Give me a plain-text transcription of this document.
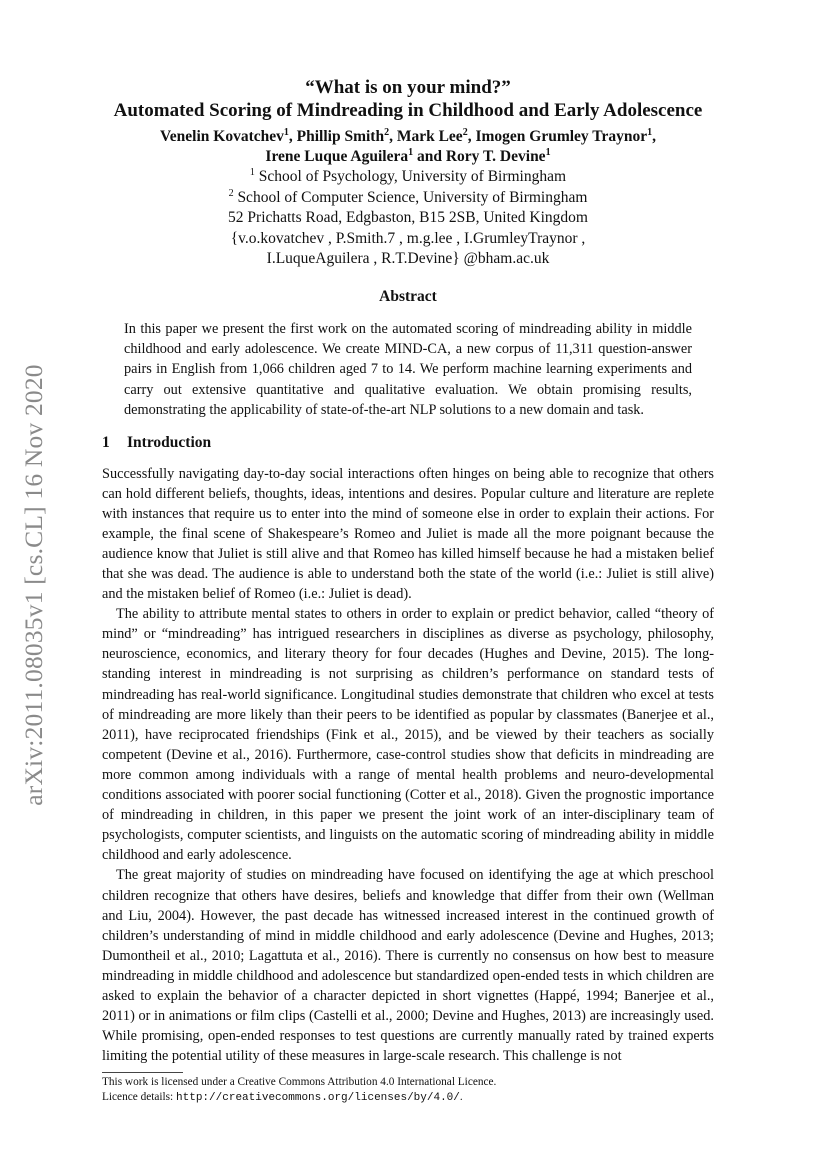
arXiv:2011.08035v1 [cs.CL] 16 Nov 2020
“What is on your mind?”
Automated Scoring of Mindreading in Childhood and Early Adolescence
Venelin Kovatchev$^1$, Phillip Smith$^2$, Mark Lee$^2$, Imogen Grumley Traynor$^1$,
Irene Luque Aguilera$^1$ and Rory T. Devine$^1$

$^1$ School of Psychology, University of Birmingham

$^2$ School of Computer Science, University of Birmingham

52 Prichatts Road, Edgbaston, B15 2SB, United Kingdom

{v.o.kovatchev , P.Smith.7 , m.g.lee , I.GrumleyTraynor ,

I.LuqueAguilera , R.T.Devine} @bham.ac.uk

Abstract

In this paper we present the first work on the automated scoring of mindreading ability in middle childhood and early adolescence. We create MIND-CA, a new corpus of 11,311 question-answer pairs in English from 1,066 children aged 7 to 14. We perform machine learning experiments and carry out extensive quantitative and qualitative evaluation. We obtain promising results, demonstrating the applicability of state-of-the-art NLP solutions to a new domain and task.

1 Introduction

Successfully navigating day-to-day social interactions often hinges on being able to recognize that others can hold different beliefs, thoughts, ideas, intentions and desires. Popular culture and literature are replete with instances that require us to enter into the mind of someone else in order to explain their actions. For example, the final scene of Shakespeare’s Romeo and Juliet is made all the more poignant because the audience know that Juliet is still alive and that Romeo has killed himself because he had a mistaken belief that she was dead. The audience is able to understand both the state of the world (i.e.: Juliet is still alive) and the mistaken belief of Romeo (i.e.: Juliet is dead).

The ability to attribute mental states to others in order to explain or predict behavior, called “theory of mind” or “mindreading” has intrigued researchers in disciplines as diverse as psychology, philosophy, neuroscience, economics, and literary theory for four decades (Hughes and Devine, 2015). The long-standing interest in mindreading is not surprising as children’s performance on standard tests of mindreading has real-world significance. Longitudinal studies demonstrate that children who excel at tests of mindreading are more likely than their peers to be identified as popular by classmates (Banerjee et al., 2011), have reciprocated friendships (Fink et al., 2015), and be viewed by their teachers as socially competent (Devine et al., 2016). Furthermore, case-control studies show that deficits in mindreading are more common among individuals with a range of mental health problems and neuro-developmental conditions associated with poorer social functioning (Cotter et al., 2018). Given the prognostic importance of mindreading in children, in this paper we present the joint work of an inter-disciplinary team of psychologists, computer scientists, and linguists on the automatic scoring of mindreading ability in middle childhood and early adolescence.

The great majority of studies on mindreading have focused on identifying the age at which preschool children recognize that others have desires, beliefs and knowledge that differ from their own (Wellman and Liu, 2004). However, the past decade has witnessed increased interest in the continued growth of children’s understanding of mind in middle childhood and early adolescence (Devine and Hughes, 2013; Dumontheil et al., 2010; Lagattuta et al., 2016). There is currently no consensus on how best to measure mindreading in middle childhood and adolescence but standardized open-ended tests in which children are asked to explain the behavior of a character depicted in short vignettes (Happé, 1994; Banerjee et al., 2011) or in animations or film clips (Castelli et al., 2000; Devine and Hughes, 2013) are increasingly used. While promising, open-ended responses to test questions are currently manually rated by trained experts limiting the potential utility of these measures in large-scale research. This challenge is not

This work is licensed under a Creative Commons Attribution 4.0 International Licence.
Licence details: http://creativecommons.org/licenses/by/4.0/.
